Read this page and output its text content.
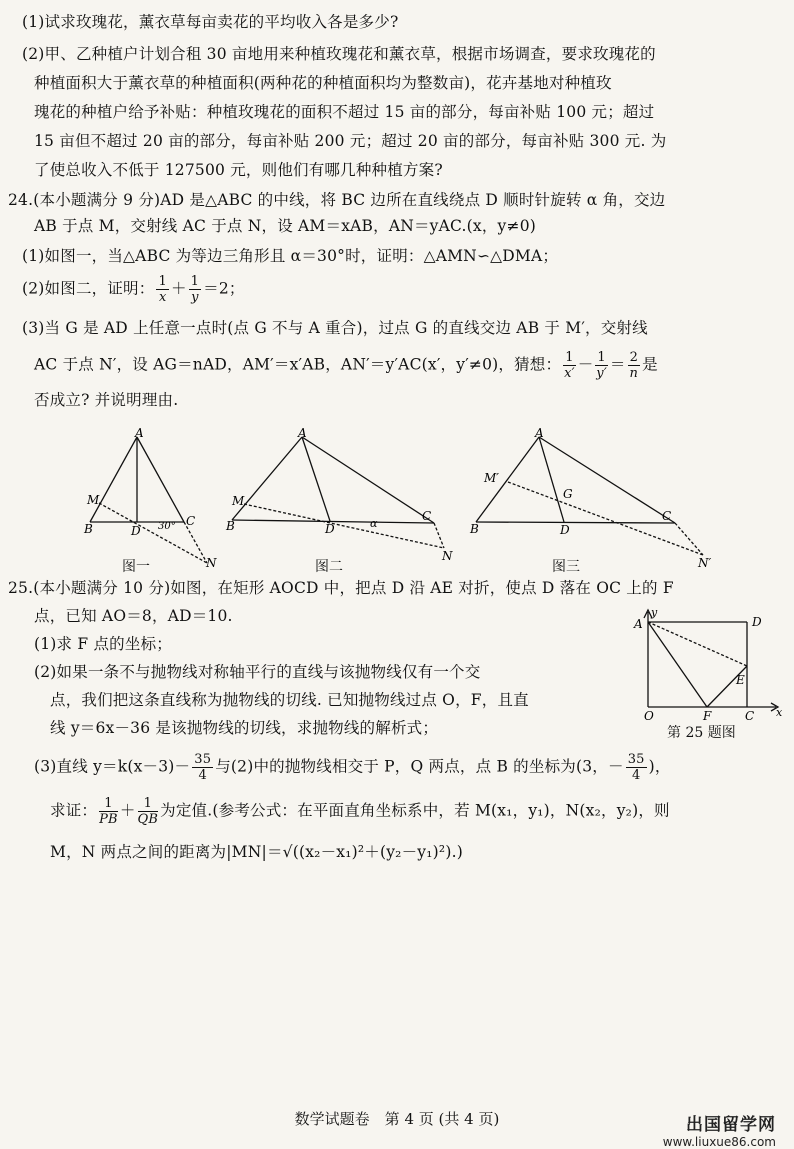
(1)试求玫瑰花，薰衣草每亩卖花的平均收入各是多少?
(2)甲、乙种植户计划合租 30 亩地用来种植玫瑰花和薰衣草，根据市场调查，要求玫瑰花的
种植面积大于薰衣草的种植面积(两种花的种植面积均为整数亩)，花卉基地对种植玫
瑰花的种植户给予补贴：种植玫瑰花的面积不超过 15 亩的部分，每亩补贴 100 元；超过
15 亩但不超过 20 亩的部分，每亩补贴 200 元；超过 20 亩的部分，每亩补贴 300 元. 为
了使总收入不低于 127500 元，则他们有哪几种种植方案?
24.(本小题满分 9 分)AD 是△ABC 的中线，将 BC 边所在直线绕点 D 顺时针旋转 α 角，交边
AB 于点 M，交射线 AC 于点 N，设 AM＝xAB，AN＝yAC.(x，y≠0)
(1)如图一，当△ABC 为等边三角形且 α＝30°时，证明：△AMN∽△DMA；
(2)如图二，证明： $\frac{1}{x} + \frac{1}{y} =2$；
(3)当 G 是 AD 上任意一点时(点 G 不与 A 重合)，过点 G 的直线交边 AB 于 M′，交射线
AC 于点 N′，设 AG＝nAD，AM′＝x′AB，AN′＝y′AC(x′，y′≠0)，猜想： $\frac{1}{x'} - \frac{1}{y'} = \frac{2}{n}$ 是
否成立? 并说明理由.
A
B
C
D
M
N
30°
图一
A
B
C
D
M
N
α
图二
A
B
C
D
G
M′
N′
图三
25.(本小题满分 10 分)如图，在矩形 AOCD 中，把点 D 沿 AE 对折，使点 D 落在 OC 上的 F
点，已知 AO＝8，AD＝10.
(1)求 F 点的坐标；
(2)如果一条不与抛物线对称轴平行的直线与该抛物线仅有一个交
点，我们把这条直线称为抛物线的切线. 已知抛物线过点 O，F，且直
线 y＝6x－36 是该抛物线的切线，求抛物线的解析式；
y
A	D
E
O	F	C x
第 25 题图
(3)直线 $y=k(x-3)- \frac{35}{4}$ 与(2)中的抛物线相交于 P，Q 两点，点 B 的坐标为(3，－ $\frac{35}{4}$ )，
求证： $\frac{1}{PB} + \frac{1}{QB}$ 为定值.(参考公式：在平面直角坐标系中，若 M(x₁，y₁)，N(x₂，y₂)，则
M，N 两点之间的距离为|MN|＝√((x₂－x₁)²＋(y₂－y₁)²).)
数学试题卷　第 4 页 (共 4 页)	出国留学网
www.liuxue86.com
